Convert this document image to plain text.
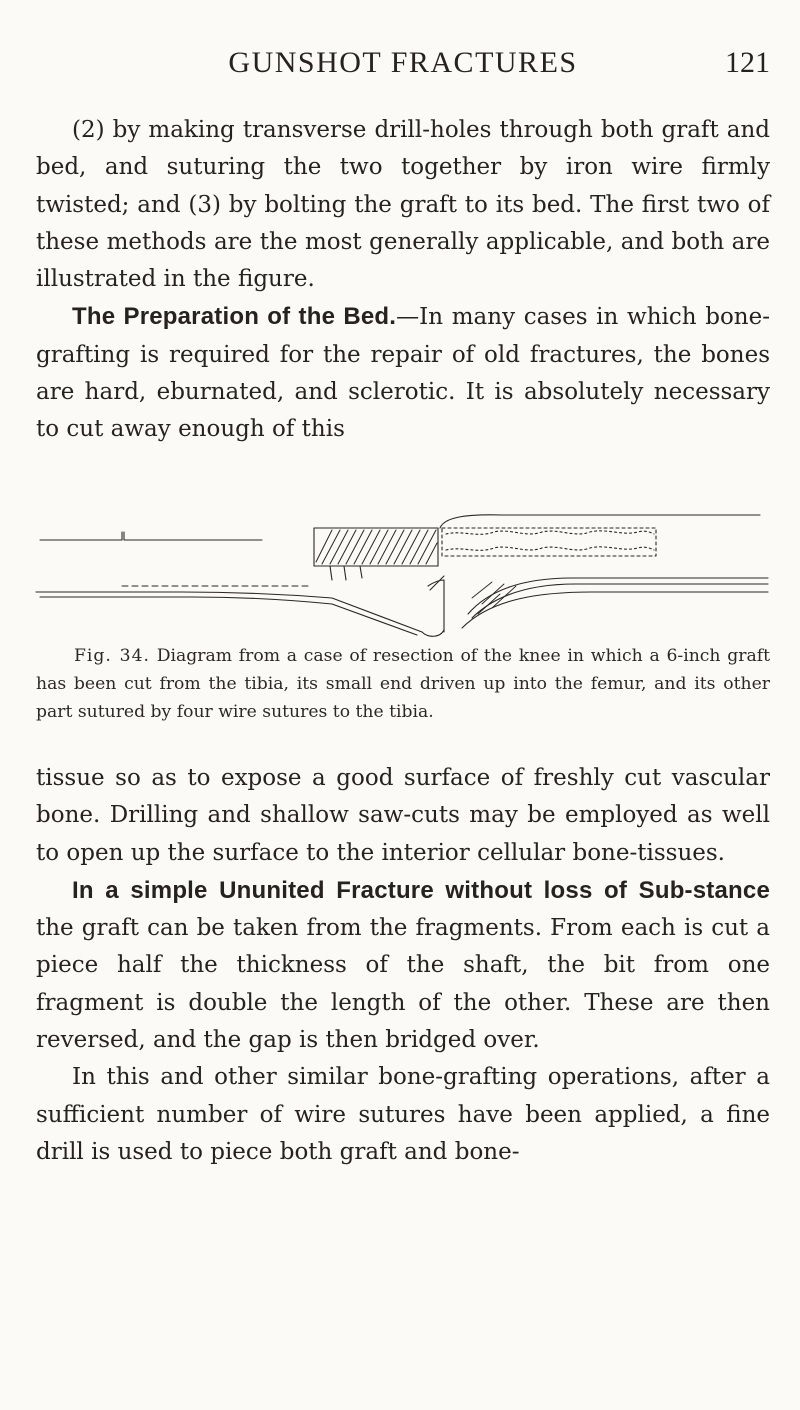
GUNSHOT FRACTURES	121

(2) by making transverse drill-holes through both graft and bed, and suturing the two together by iron wire firmly twisted; and (3) by bolting the graft to its bed. The first two of these methods are the most generally applicable, and both are illustrated in the figure.

The Preparation of the Bed.—In many cases in which bone-grafting is required for the repair of old fractures, the bones are hard, eburnated, and sclerotic. It is absolutely necessary to cut away enough of this

Fig. 34. Diagram from a case of resection of the knee in which a 6-inch graft has been cut from the tibia, its small end driven up into the femur, and its other part sutured by four wire sutures to the tibia.

tissue so as to expose a good surface of freshly cut vascular bone. Drilling and shallow saw-cuts may be employed as well to open up the surface to the interior cellular bone-tissues.

In a simple Ununited Fracture without loss of Sub-stance the graft can be taken from the fragments. From each is cut a piece half the thickness of the shaft, the bit from one fragment is double the length of the other. These are then reversed, and the gap is then bridged over.

In this and other similar bone-grafting operations, after a sufficient number of wire sutures have been applied, a fine drill is used to piece both graft and bone-
